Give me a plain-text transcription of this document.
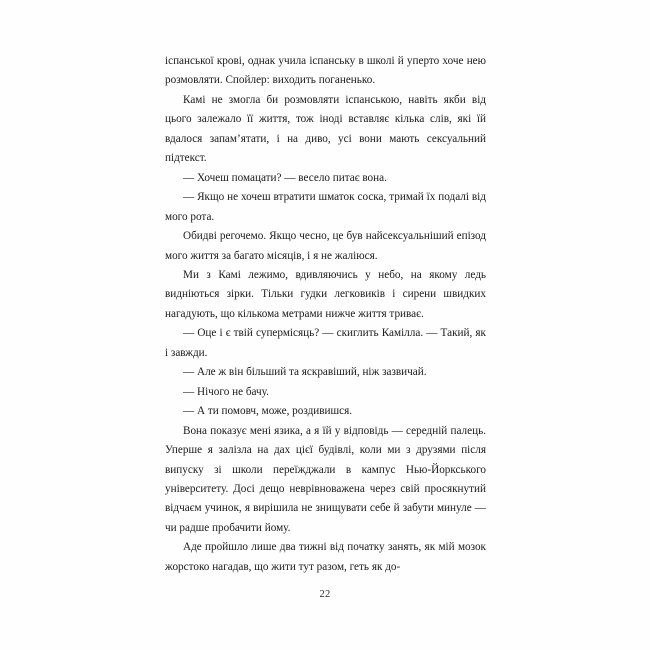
іспанської крові, однак учила іспанську в школі й уперто хоче нею розмовляти. Спойлер: виходить поганенько.

Камі не змогла би розмовляти іспанською, навіть якби від цього залежало її життя, тож іноді вставляє кілька слів, які їй вдалося запам’ятати, і на диво, усі вони мають сексуальний підтекст.

— Хочеш помацати? — весело питає вона.

— Якщо не хочеш втратити шматок соска, тримай їх подалі від мого рота.

Обидві регочемо. Якщо чесно, це був найсексуальніший епізод мого життя за багато місяців, і я не жаліюся.

Ми з Камі лежимо, вдивляючись у небо, на якому ледь видніються зірки. Тільки гудки легковиків і сирени швидких нагадують, що кількома метрами нижче життя триває.

— Оце і є твій супермісяць? — скиглить Камілла. — Такий, як і завжди.

— Але ж він більший та яскравіший, ніж зазвичай.

— Нічого не бачу.

— А ти помовч, може, роздивишся.

Вона показує мені язика, а я їй у відповідь — середній палець. Уперше я залізла на дах цієї будівлі, коли ми з друзями після випуску зі школи переїжджали в кампус Нью-Йоркського університету. Досі дещо неврівноважена через свій просякнутий відчаєм учинок, я вирішила не знищувати себе й забути минуле — чи радше пробачити йому.

Аде пройшло лише два тижні від початку занять, як мій мозок жорстоко нагадав, що жити тут разом, геть як до-

22
